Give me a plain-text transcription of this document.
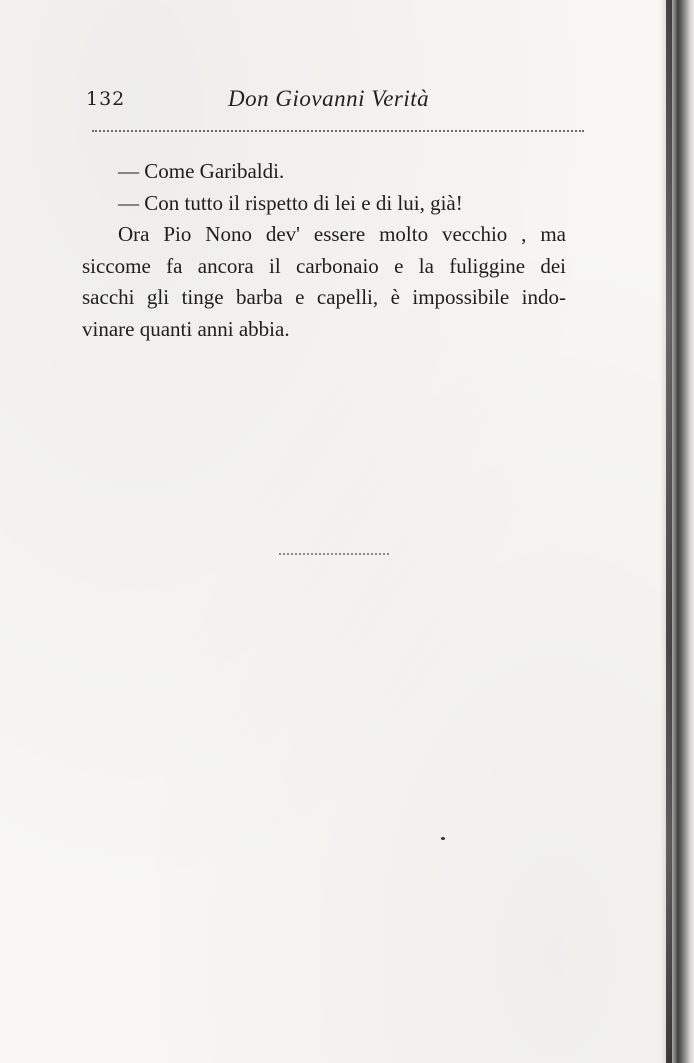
132	Don Giovanni Verità
— Come Garibaldi.
— Con tutto il rispetto di lei e di lui, già!
Ora Pio Nono dev' essere molto vecchio , ma
siccome fa ancora il carbonaio e la fuliggine dei
sacchi gli tinge barba e capelli, è impossibile indo-
vinare quanti anni abbia.
